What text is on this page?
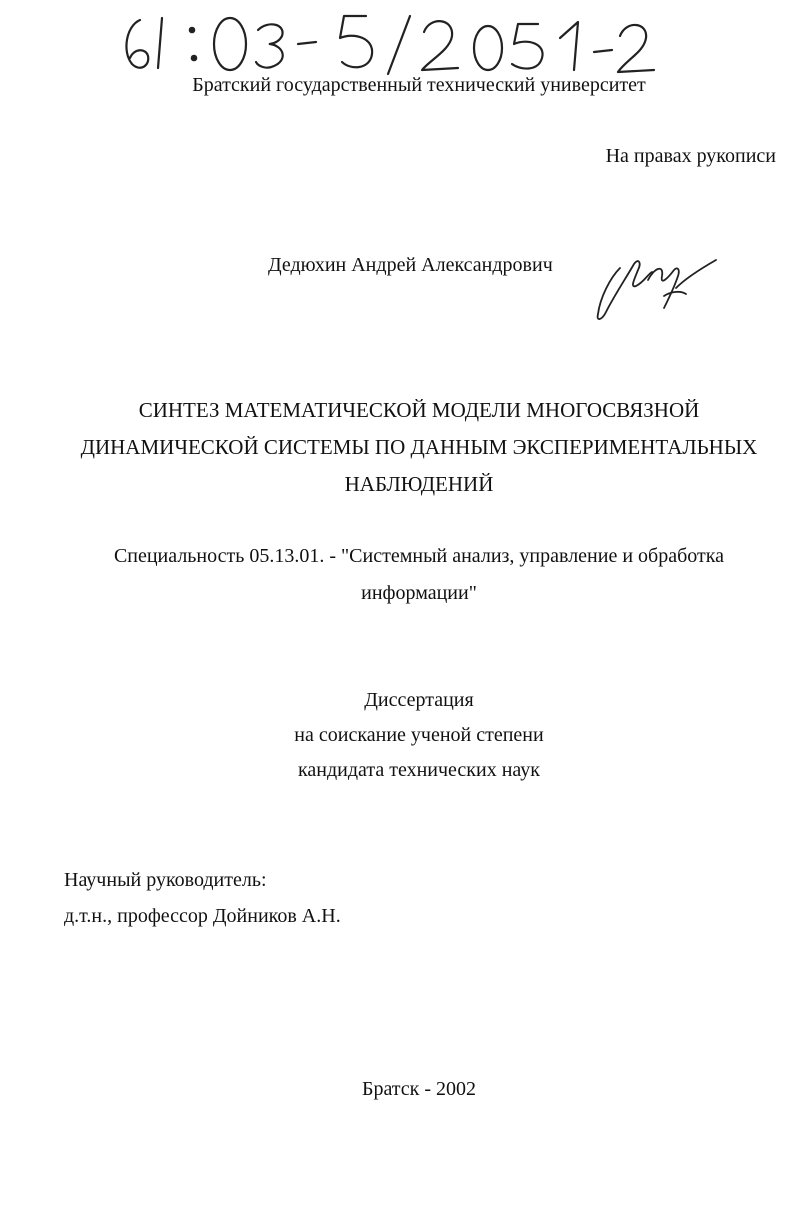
Братский государственный технический университет
На правах рукописи
Дедюхин Андрей Александрович
СИНТЕЗ МАТЕМАТИЧЕСКОЙ МОДЕЛИ МНОГОСВЯЗНОЙ
ДИНАМИЧЕСКОЙ СИСТЕМЫ ПО ДАННЫМ ЭКСПЕРИМЕНТАЛЬНЫХ
НАБЛЮДЕНИЙ
Специальность 05.13.01. - "Системный анализ, управление и обработка
информации"
Диссертация
на соискание ученой степени
кандидата технических наук
Научный руководитель:
д.т.н., профессор Дойников А.Н.
Братск - 2002
